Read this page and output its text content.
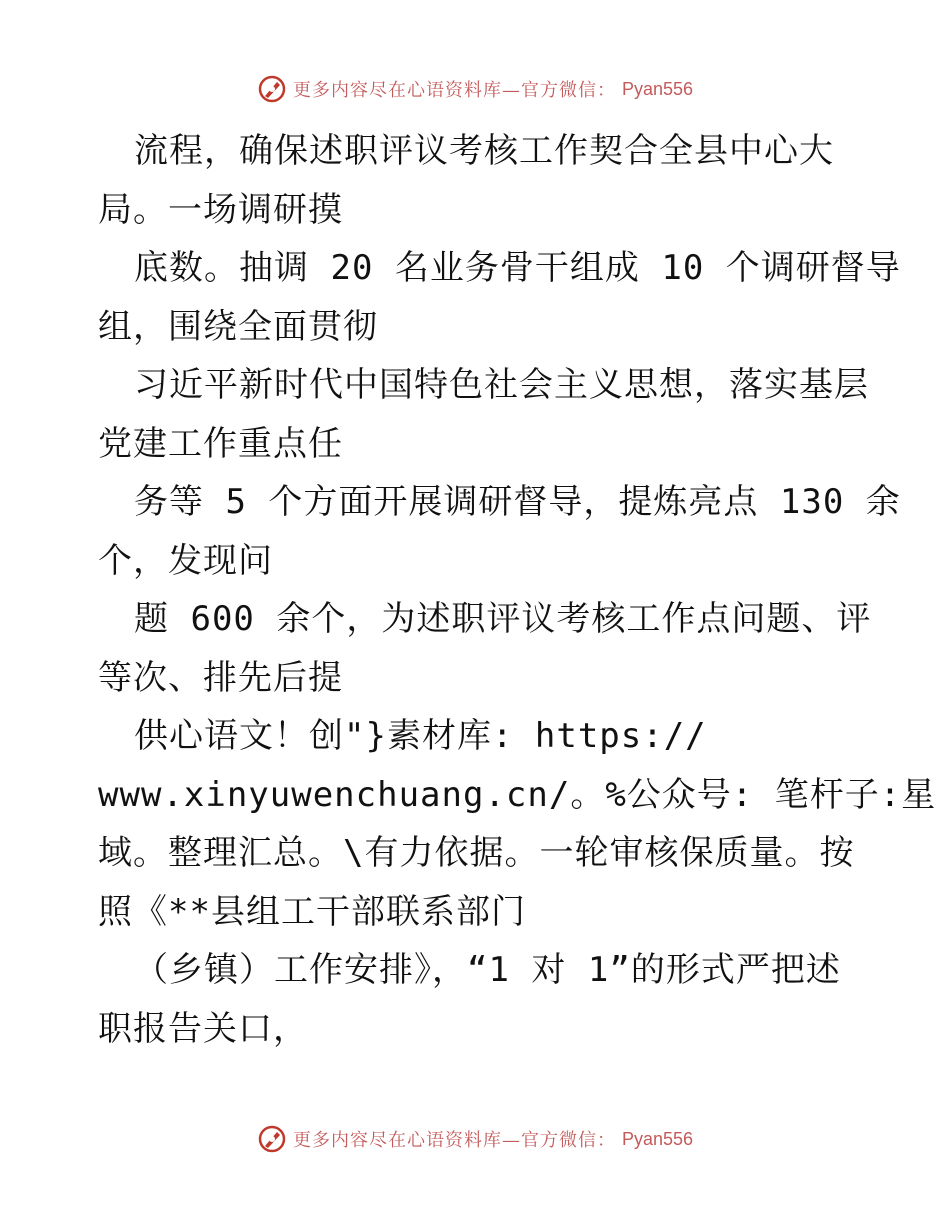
更多内容尽在心语资料库—官方微信： Pyan556
流程，确保述职评议考核工作契合全县中心大
局。一场调研摸
底数。抽调 20 名业务骨干组成 10 个调研督导
组，围绕全面贯彻
习近平新时代中国特色社会主义思想，落实基层
党建工作重点任
务等 5 个方面开展调研督导，提炼亮点 130 余
个，发现问
题 600 余个，为述职评议考核工作点问题、评
等次、排先后提
供心语文！创"}素材库: https://
www.xinyuwenchuang.cn/。%公众号: 笔杆子:星
域。整理汇总。\有力依据。一轮审核保质量。按
照《**县组工干部联系部门
（乡镇）工作安排》，“1 对 1”的形式严把述
职报告关口，
更多内容尽在心语资料库—官方微信： Pyan556
